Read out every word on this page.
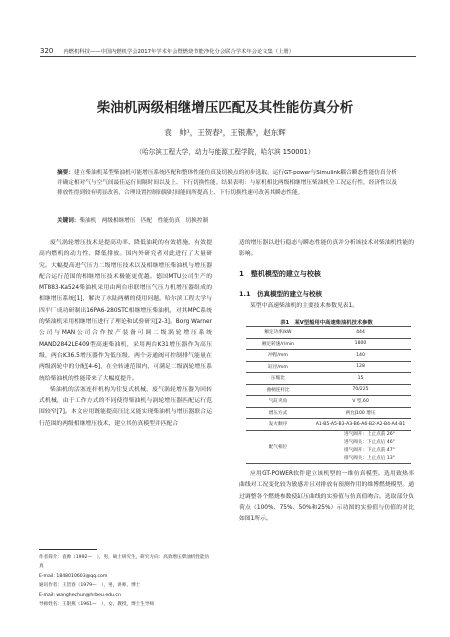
320 内燃机科技——中国内燃机学会2017年学术年会暨燃烧节能净化分会联合学术年会论文集（上册）
柴油机两级相继增压匹配及其性能仿真分析
袁　帅¹，王贺春²，王银燕³，赵东辉
（哈尔滨工程大学，动力与能源工程学院，哈尔滨 150001）
摘要：建立柴油机某型柴油机可能增压系统匹配和整体性能仿真及切换点的初步选取。运行GT-power与Simulink耦合瞬态性能仿真分析并确定相对气与空气间最佳运行间隔时间以及上、下行切换性能。结果表明：与原机相比两级相继增压柴油机全工况运行性，经济性以及排放性得到较有明显改善，合理设置控制间隔时间能间所提高上、下行切换性速可改善其瞬态性能。
关键词：柴油机　两级相继增压　匹配　性能仿真　切换控制

废气涡轮增压技术是提高功率、降低油耗的有效措施，有效提高内燃机的动力性、降低排放。国内外研究者对此进行了大量研究。大幅提高进气压力二级增压技术以及相继增压柴油机与增压器配合运行范围的相继增压技术极能更优越。德国MTU公司生产的MT883-Ka524柴油机采用由两台串联增压气压力机增压器组成的相继增压系统[1]，解决了水陆两栖的使用问题。哈尔滨工程大学与四平厂成功研制出16PA6-280STC相继增压柴油机，对其MPC系统的柴油机采用相继增压进行了理论和试验研究[2-3]。Borg Warner公司与MAN公司合作按产装备可调二级涡轮增压系统MAND2842LE409型高速柴油机，采用两台K31增压器作为高压级，两台K36.5增压器作为低压级，两个旁通阀可控制排气能量在两级涡轮中的分配[4-6]，在全转速范围内，可满足二级涡轮增压系统给柴油机的性能带来了大幅度提升。

柴油机的活塞连杆机构为往复式机械，废气涡轮增压器为回转式机械，由于工作方式的不同使得柴油机与涡轮增压器匹配运行范围较窄[7]。本文应用既能提高压比又能实现柴油机与增压器联合运行范围的两级相继增压技术，建立其仿真模型并匹配合

适的增压器以进行稳态与瞬态性能仿真并分析该技术对柴油机性能的影响。

1　整机模型的建立与校核
1.1　仿真模型的建立与校核

某型中高速柴油机的主要技术参数见表1。

表1　某V型船用中高速柴油机技术参数
额定功率/kW	444
额定转速/r/min	1800
冲程/mm	140
缸径/mm	128
压缩比	15
曲柄连杆比	70/225
气缸夹角	V 型,60
增压方式	两台J100 增压
发火顺序	A1-B5-A5-B3-A3-B6-A6-B2-A2-B4-A4-B1
配气相位	进气阀开：上止点前 26°
进气阀关：下止点后 46°
排气阀开：下止点前 47°
排气阀关：上止点后 13°

应用GT-POWER软件建立该机型的一维仿真模型。选用致热率曲线对工况变化较为敏感并且对排放有预测作用的维博燃烧模型。通过调整各个燃烧参数使缸压曲线的实验值与仿真值吻合。选取部分负荷点（100%、75%、50%和25%）示功图的实验值与仿值的对比如图1所示。

作者简介：袁帅（1992—　），男，硕士研究生，研究方向：高效增压柴油机性能仿真
E-mail: 1848010603@qq.com
通讯作者：王贺春（1979—　），男，讲师，博士
E-mail: wanghechun@hrbeu.edu.cn
导师姓名：王银燕（1961—　），女，教授，博士生导师
